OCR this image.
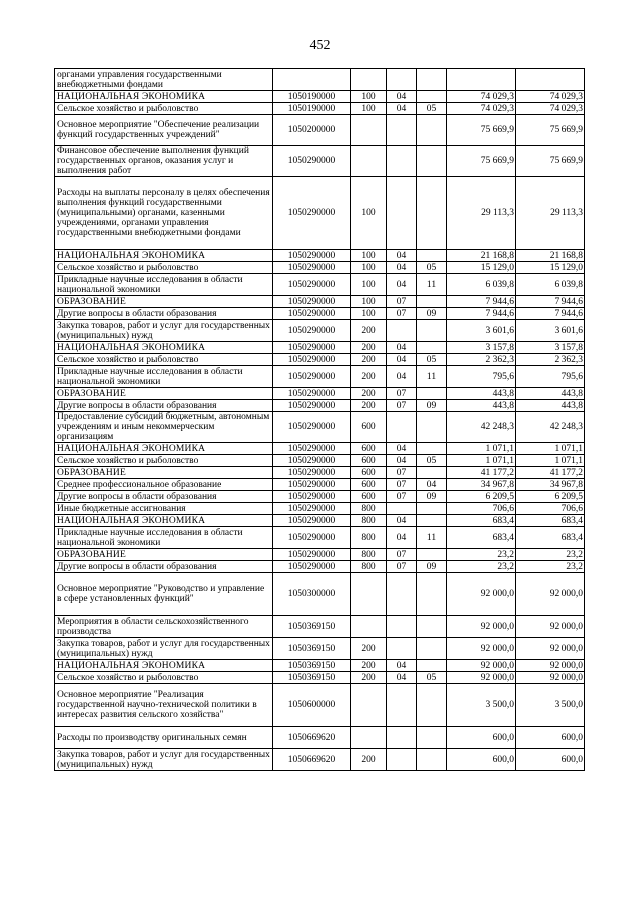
452
органами управления государственными внебюджетными фондами						
НАЦИОНАЛЬНАЯ ЭКОНОМИКА	1050190000	100	04		74 029,3	74 029,3
Сельское хозяйство и рыболовство	1050190000	100	04	05	74 029,3	74 029,3
Основное мероприятие "Обеспечение реализации функций государственных учреждений"	1050200000				75 669,9	75 669,9
Финансовое обеспечение выполнения функций государственных органов, оказания услуг и выполнения работ	1050290000				75 669,9	75 669,9
Расходы на выплаты персоналу в целях обеспечения выполнения функций государственными (муниципальными) органами, казенными учреждениями, органами управления государственными внебюджетными фондами	1050290000	100			29 113,3	29 113,3
НАЦИОНАЛЬНАЯ ЭКОНОМИКА	1050290000	100	04		21 168,8	21 168,8
Сельское хозяйство и рыболовство	1050290000	100	04	05	15 129,0	15 129,0
Прикладные научные исследования в области национальной экономики	1050290000	100	04	11	6 039,8	6 039,8
ОБРАЗОВАНИЕ	1050290000	100	07		7 944,6	7 944,6
Другие вопросы в области образования	1050290000	100	07	09	7 944,6	7 944,6
Закупка товаров, работ и услуг для государственных (муниципальных) нужд	1050290000	200			3 601,6	3 601,6
НАЦИОНАЛЬНАЯ ЭКОНОМИКА	1050290000	200	04		3 157,8	3 157,8
Сельское хозяйство и рыболовство	1050290000	200	04	05	2 362,3	2 362,3
Прикладные научные исследования в области национальной экономики	1050290000	200	04	11	795,6	795,6
ОБРАЗОВАНИЕ	1050290000	200	07		443,8	443,8
Другие вопросы в области образования	1050290000	200	07	09	443,8	443,8
Предоставление субсидий бюджетным, автономным учреждениям и иным некоммерческим организациям	1050290000	600			42 248,3	42 248,3
НАЦИОНАЛЬНАЯ ЭКОНОМИКА	1050290000	600	04		1 071,1	1 071,1
Сельское хозяйство и рыболовство	1050290000	600	04	05	1 071,1	1 071,1
ОБРАЗОВАНИЕ	1050290000	600	07		41 177,2	41 177,2
Среднее профессиональное образование	1050290000	600	07	04	34 967,8	34 967,8
Другие вопросы в области образования	1050290000	600	07	09	6 209,5	6 209,5
Иные бюджетные ассигнования	1050290000	800			706,6	706,6
НАЦИОНАЛЬНАЯ ЭКОНОМИКА	1050290000	800	04		683,4	683,4
Прикладные научные исследования в области национальной экономики	1050290000	800	04	11	683,4	683,4
ОБРАЗОВАНИЕ	1050290000	800	07		23,2	23,2
Другие вопросы в области образования	1050290000	800	07	09	23,2	23,2
Основное мероприятие "Руководство и управление в сфере установленных функций"	1050300000				92 000,0	92 000,0
Мероприятия в области сельскохозяйственного производства	1050369150				92 000,0	92 000,0
Закупка товаров, работ и услуг для государственных (муниципальных) нужд	1050369150	200			92 000,0	92 000,0
НАЦИОНАЛЬНАЯ ЭКОНОМИКА	1050369150	200	04		92 000,0	92 000,0
Сельское хозяйство и рыболовство	1050369150	200	04	05	92 000,0	92 000,0
Основное мероприятие "Реализация государственной научно-технической политики в интересах развития сельского хозяйства"	1050600000				3 500,0	3 500,0
Расходы по производству оригинальных семян	1050669620				600,0	600,0
Закупка товаров, работ и услуг для государственных (муниципальных) нужд	1050669620	200			600,0	600,0
